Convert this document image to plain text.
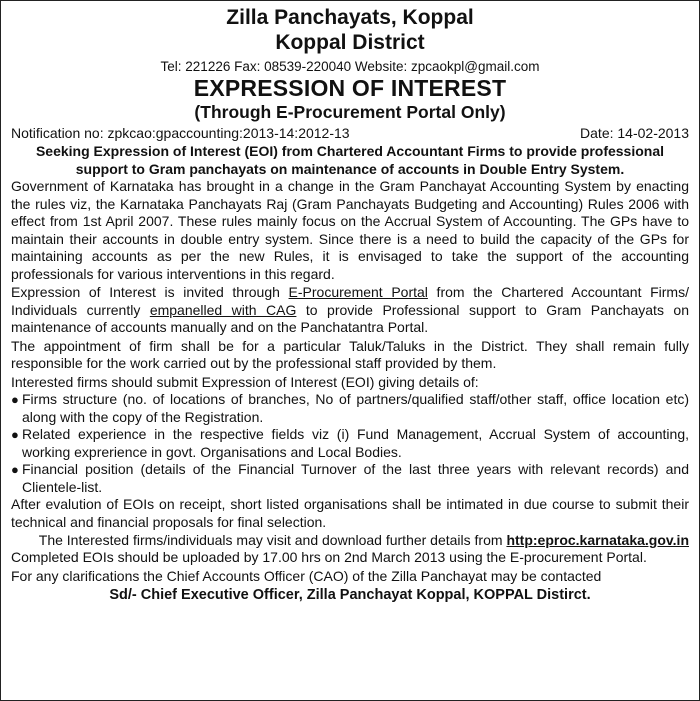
Zilla Panchayats, Koppal
Koppal District
Tel: 221226 Fax: 08539-220040 Website: zpcaokpl@gmail.com
EXPRESSION OF INTEREST
(Through E-Procurement Portal Only)
Notification no: zpkcao:gpaccounting:2013-14:2012-13	Date: 14-02-2013
Seeking Expression of Interest (EOI) from Chartered Accountant Firms to provide professional support to Gram panchayats on maintenance of accounts in Double Entry System.

Government of Karnataka has brought in a change in the Gram Panchayat Accounting System by enacting the rules viz, the Karnataka Panchayats Raj (Gram Panchayats Budgeting and Accounting) Rules 2006 with effect from 1st April 2007. These rules mainly focus on the Accrual System of Accounting. The GPs have to maintain their accounts in double entry system. Since there is a need to build the capacity of the GPs for maintaining accounts as per the new Rules, it is envisaged to take the support of the accounting professionals for various interventions in this regard.

Expression of Interest is invited through E-Procurement Portal from the Chartered Accountant Firms/ Individuals currently empanelled with CAG to provide Professional support to Gram Panchayats on maintenance of accounts manually and on the Panchatantra Portal.

The appointment of firm shall be for a particular Taluk/Taluks in the District. They shall remain fully responsible for the work carried out by the professional staff provided by them.

Interested firms should submit Expression of Interest (EOI) giving details of:

● Firms structure (no. of locations of branches, No of partners/qualified staff/other staff, office location etc) along with the copy of the Registration.
● Related experience in the respective fields viz (i) Fund Management, Accrual System of accounting, working exprerience in govt. Organisations and Local Bodies.
● Financial position (details of the Financial Turnover of the last three years with relevant records) and Clientele-list.

After evalution of EOIs on receipt, short listed organisations shall be intimated in due course to submit their technical and financial proposals for final selection.

The Interested firms/individuals may visit and download further details from http:eproc.karnataka.gov.in

Completed EOIs should be uploaded by 17.00 hrs on 2nd March 2013 using the E-procurement Portal.

For any clarifications the Chief Accounts Officer (CAO) of the Zilla Panchayat may be contacted

Sd/- Chief Executive Officer, Zilla Panchayat Koppal, KOPPAL Distirct.
